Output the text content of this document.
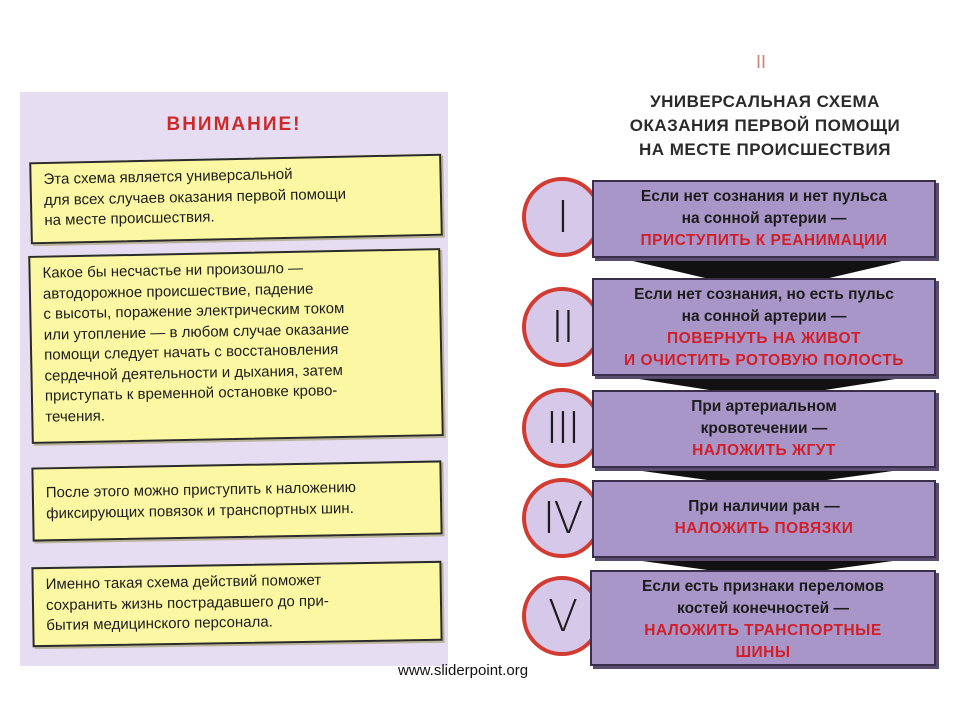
ВНИМАНИЕ!
Эта схема является универсальной
для всех случаев оказания первой помощи
на месте происшествия.
Какое бы несчастье ни произошло —
автодорожное происшествие, падение
с высоты, поражение электрическим током
или утопление — в любом случае оказание
помощи следует начать с восстановления
сердечной деятельности и дыхания, затем
приступать к временной остановке крово-
течения.
После этого можно приступить к наложению
фиксирующих повязок и транспортных шин.
Именно такая схема действий поможет
сохранить жизнь пострадавшего до при-
бытия медицинского персонала.
II
УНИВЕРСАЛЬНАЯ СХЕМА
ОКАЗАНИЯ ПЕРВОЙ ПОМОЩИ
НА МЕСТЕ ПРОИСШЕСТВИЯ
I	Если нет сознания и нет пульса
на сонной артерии —
ПРИСТУПИТЬ К РЕАНИМАЦИИ
II
Если нет сознания, но есть пульс
на сонной артерии —
ПОВЕРНУТЬ НА ЖИВОТ
И ОЧИСТИТЬ РОТОВУЮ ПОЛОСТЬ
III	При артериальном
кровотечении —
НАЛОЖИТЬ ЖГУТ
IV	При наличии ран —
НАЛОЖИТЬ ПОВЯЗКИ
V
Если есть признаки переломов
костей конечностей —
НАЛОЖИТЬ ТРАНСПОРТНЫЕ
ШИНЫ
www.sliderpoint.org
